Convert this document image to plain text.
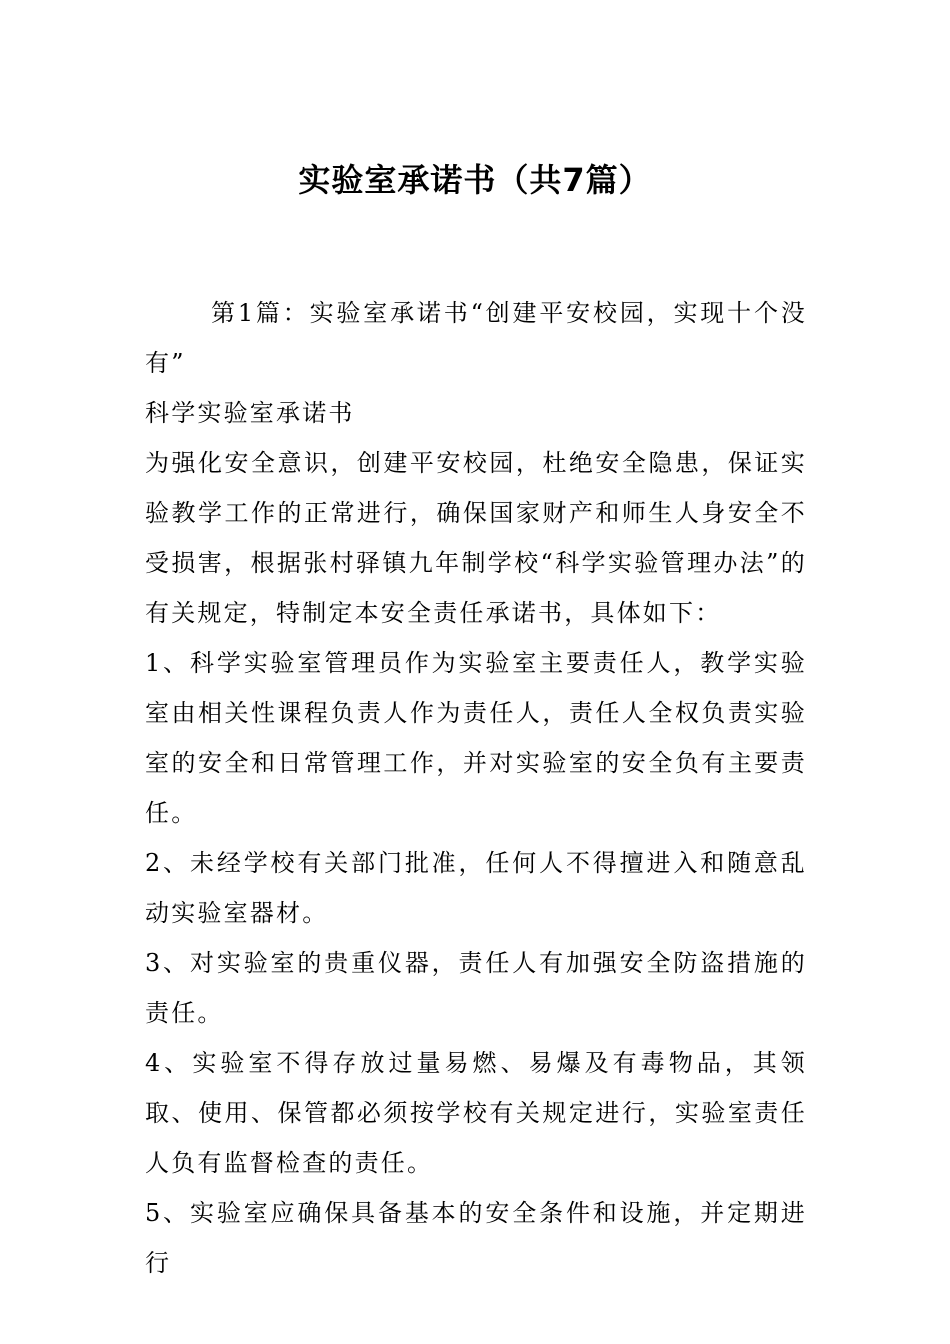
实验室承诺书（共7篇）

第1篇：实验室承诺书“创建平安校园，实现十个没有”

科学实验室承诺书

为强化安全意识，创建平安校园，杜绝安全隐患，保证实验教学工作的正常进行，确保国家财产和师生人身安全不受损害，根据张村驿镇九年制学校“科学实验管理办法”的有关规定，特制定本安全责任承诺书，具体如下：

1、科学实验室管理员作为实验室主要责任人，教学实验室由相关性课程负责人作为责任人，责任人全权负责实验室的安全和日常管理工作，并对实验室的安全负有主要责任。

2、未经学校有关部门批准，任何人不得擅进入和随意乱动实验室器材。

3、对实验室的贵重仪器，责任人有加强安全防盗措施的责任。

4、实验室不得存放过量易燃、易爆及有毒物品，其领取、使用、保管都必须按学校有关规定进行，实验室责任人负有监督检查的责任。

5、实验室应确保具备基本的安全条件和设施，并定期进行
